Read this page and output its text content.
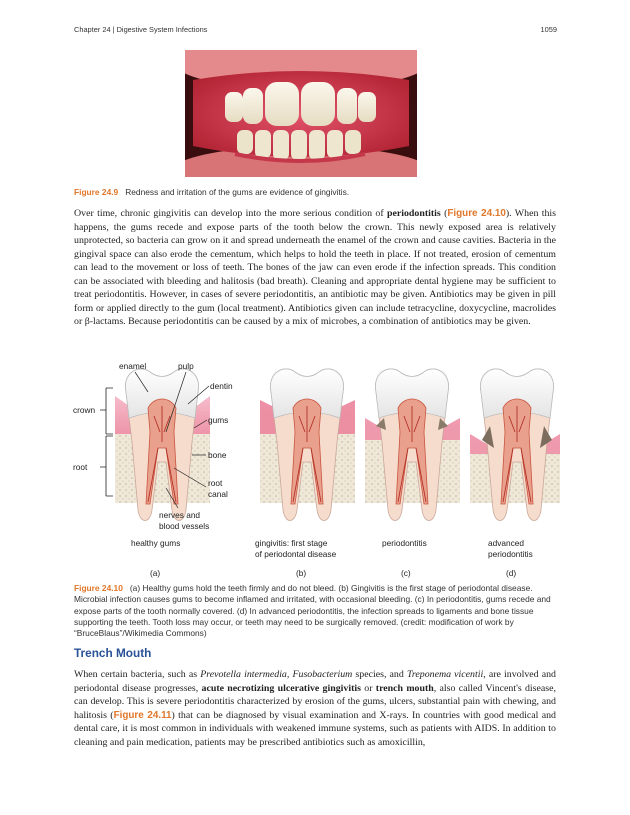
Chapter 24 | Digestive System Infections	1059
Figure 24.9 Redness and irritation of the gums are evidence of gingivitis.
Over time, chronic gingivitis can develop into the more serious condition of periodontitis (Figure 24.10). When this happens, the gums recede and expose parts of the tooth below the crown. This newly exposed area is relatively unprotected, so bacteria can grow on it and spread underneath the enamel of the crown and cause cavities. Bacteria in the gingival space can also erode the cementum, which helps to hold the teeth in place. If not treated, erosion of cementum can lead to the movement or loss of teeth. The bones of the jaw can even erode if the infection spreads. This condition can be associated with bleeding and halitosis (bad breath). Cleaning and appropriate dental hygiene may be sufficient to treat periodontitis. However, in cases of severe periodontitis, an antibiotic may be given. Antibiotics may be given in pill form or applied directly to the gum (local treatment). Antibiotics given can include tetracycline, doxycycline, macrolides or β-lactams. Because periodontitis can be caused by a mix of microbes, a combination of antibiotics may be given.
enamel	pulp
dentin
crown
gums
bone
root
root
canal
nerves and
blood vessels
healthy gums
(a)
gingivitis: first stage
of periodontal disease
(b)
periodontitis
(c)
advanced
periodontitis
(d)
Figure 24.10 (a) Healthy gums hold the teeth firmly and do not bleed. (b) Gingivitis is the first stage of periodontal disease. Microbial infection causes gums to become inflamed and irritated, with occasional bleeding. (c) In periodontitis, gums recede and expose parts of the tooth normally covered. (d) In advanced periodontitis, the infection spreads to ligaments and bone tissue supporting the teeth. Tooth loss may occur, or teeth may need to be surgically removed. (credit: modification of work by “BruceBlaus”/Wikimedia Commons)
Trench Mouth
When certain bacteria, such as Prevotella intermedia, Fusobacterium species, and Treponema vicentii, are involved and periodontal disease progresses, acute necrotizing ulcerative gingivitis or trench mouth, also called Vincent's disease, can develop. This is severe periodontitis characterized by erosion of the gums, ulcers, substantial pain with chewing, and halitosis (Figure 24.11) that can be diagnosed by visual examination and X-rays. In countries with good medical and dental care, it is most common in individuals with weakened immune systems, such as patients with AIDS. In addition to cleaning and pain medication, patients may be prescribed antibiotics such as amoxicillin,
